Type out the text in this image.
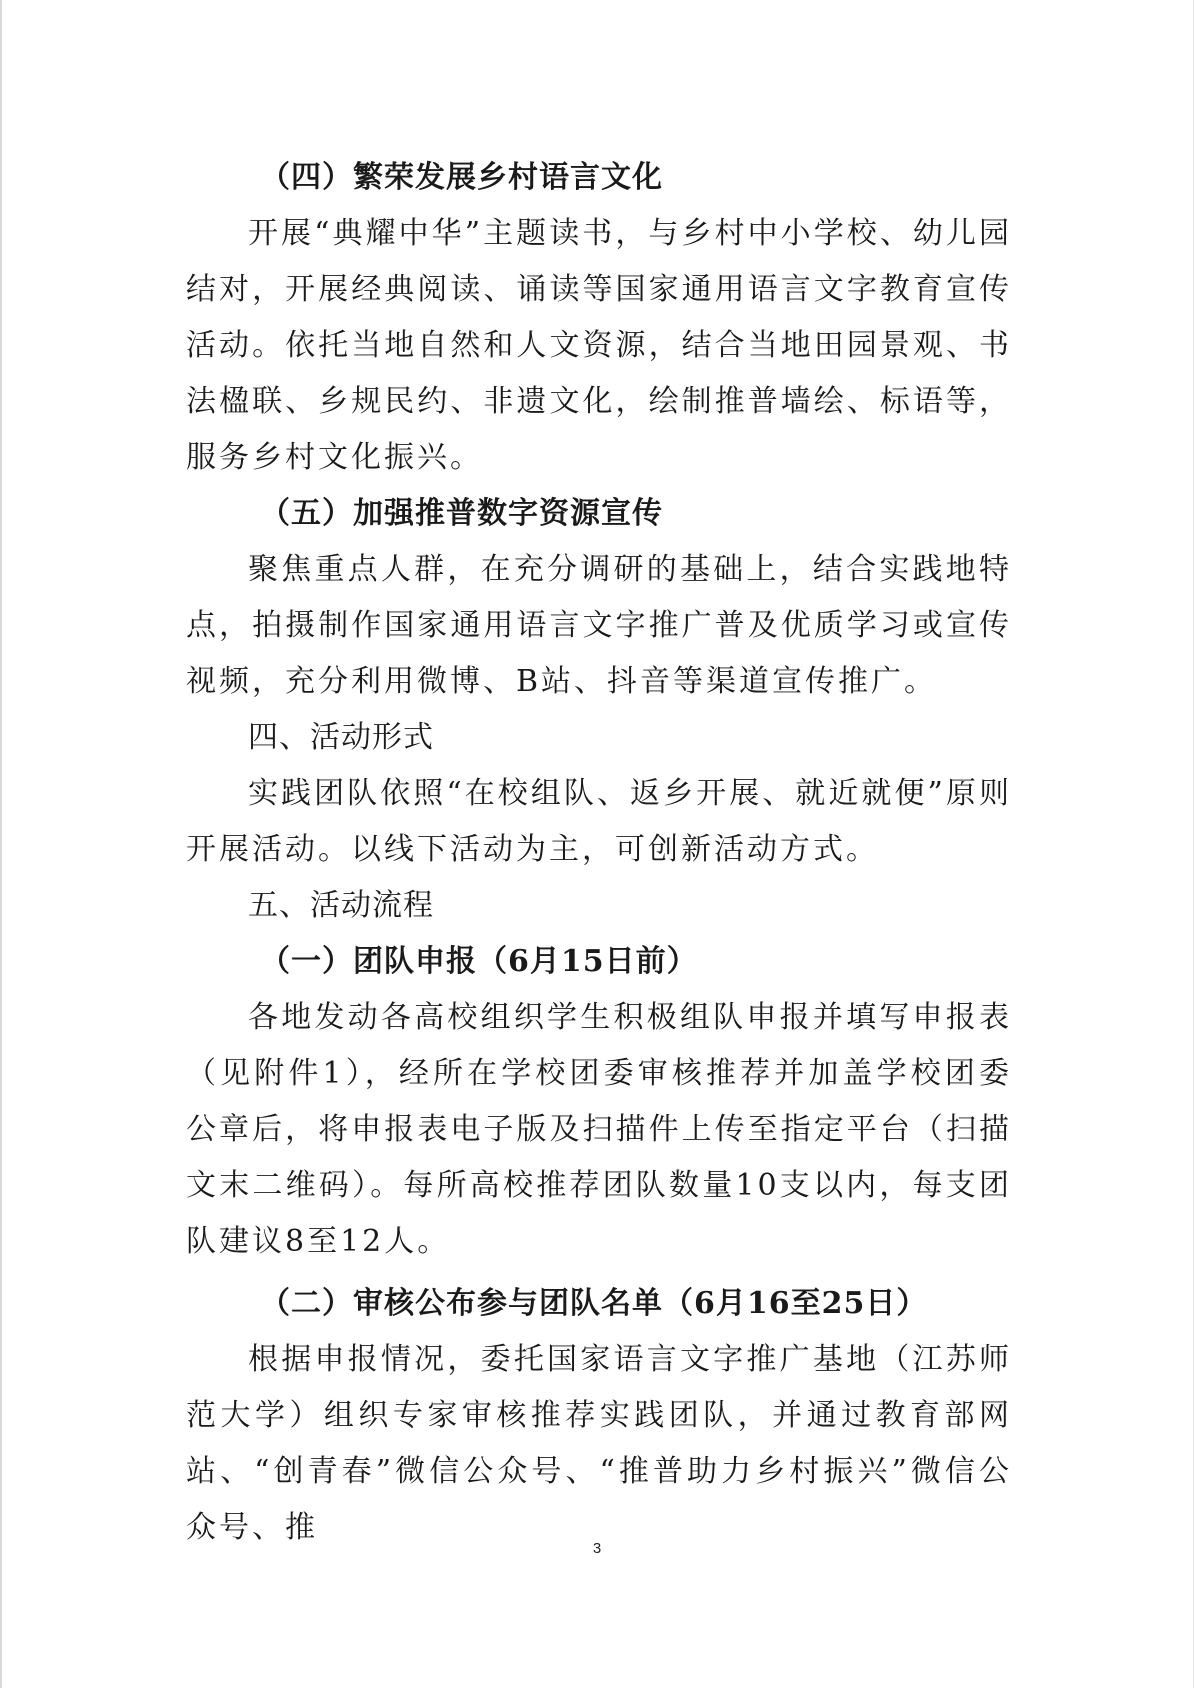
（四）繁荣发展乡村语言文化

开展“典耀中华”主题读书，与乡村中小学校、幼儿园结对，开展经典阅读、诵读等国家通用语言文字教育宣传活动。依托当地自然和人文资源，结合当地田园景观、书法楹联、乡规民约、非遗文化，绘制推普墙绘、标语等，服务乡村文化振兴。

（五）加强推普数字资源宣传

聚焦重点人群，在充分调研的基础上，结合实践地特点，拍摄制作国家通用语言文字推广普及优质学习或宣传视频，充分利用微博、B站、抖音等渠道宣传推广。

四、活动形式

实践团队依照“在校组队、返乡开展、就近就便”原则开展活动。以线下活动为主，可创新活动方式。

五、活动流程
（一）团队申报（6月15日前）

各地发动各高校组织学生积极组队申报并填写申报表（见附件1），经所在学校团委审核推荐并加盖学校团委公章后，将申报表电子版及扫描件上传至指定平台（扫描文末二维码）。每所高校推荐团队数量10支以内，每支团队建议8至12人。

（二）审核公布参与团队名单（6月16至25日）

根据申报情况，委托国家语言文字推广基地（江苏师范大学）组织专家审核推荐实践团队，并通过教育部网站、“创青春”微信公众号、“推普助力乡村振兴”微信公众号、推

3
